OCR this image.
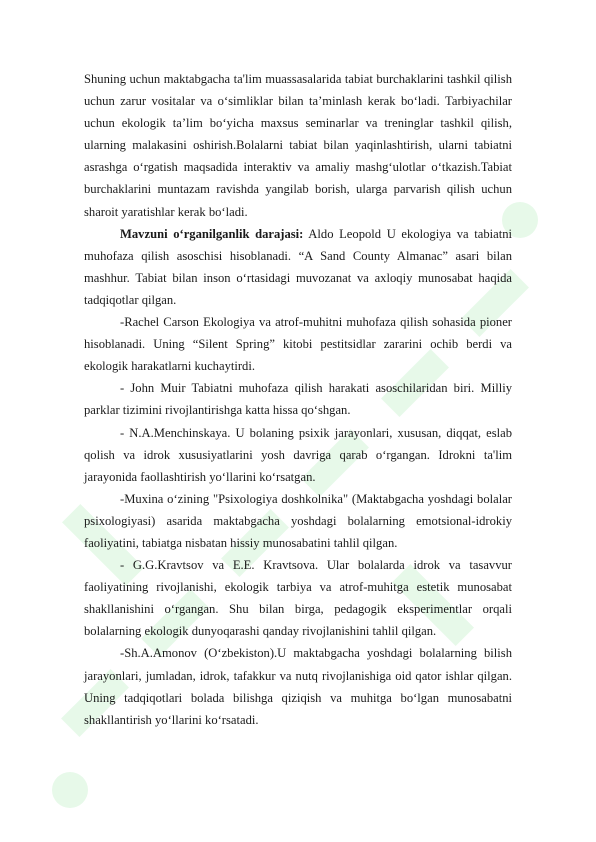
Shuning uchun maktabgacha ta'lim muassasalarida tabiat burchaklarini tashkil qilish uchun zarur vositalar va o‘simliklar bilan ta’minlash kerak bo‘ladi. Tarbiyachilar uchun ekologik ta’lim bo‘yicha maxsus seminarlar va treninglar tashkil qilish, ularning malakasini oshirish.Bolalarni tabiat bilan yaqinlashtirish, ularni tabiatni asrashga o‘rgatish maqsadida interaktiv va amaliy mashg‘ulotlar o‘tkazish.Tabiat burchaklarini muntazam ravishda yangilab borish, ularga parvarish qilish uchun sharoit yaratishlar kerak bo‘ladi.

Mavzuni o‘rganilganlik darajasi: Aldo Leopold U ekologiya va tabiatni muhofaza qilish asoschisi hisoblanadi. “A Sand County Almanac” asari bilan mashhur. Tabiat bilan inson o‘rtasidagi muvozanat va axloqiy munosabat haqida tadqiqotlar qilgan.

-Rachel Carson Ekologiya va atrof-muhitni muhofaza qilish sohasida pioner hisoblanadi. Uning “Silent Spring” kitobi pestitsidlar zararini ochib berdi va ekologik harakatlarni kuchaytirdi.

- John Muir Tabiatni muhofaza qilish harakati asoschilaridan biri. Milliy parklar tizimini rivojlantirishga katta hissa qo‘shgan.

- N.A.Menchinskaya. U bolaning psixik jarayonlari, xususan, diqqat, eslab qolish va idrok xususiyatlarini yosh davriga qarab o‘rgangan. Idrokni ta'lim jarayonida faollashtirish yo‘llarini ko‘rsatgan.

-Muxina o‘zining "Psixologiya doshkolnika" (Maktabgacha yoshdagi bolalar psixologiyasi) asarida maktabgacha yoshdagi bolalarning emotsional-idrokiy faoliyatini, tabiatga nisbatan hissiy munosabatini tahlil qilgan.

- G.G.Kravtsov va E.E. Kravtsova. Ular bolalarda idrok va tasavvur faoliyatining rivojlanishi, ekologik tarbiya va atrof-muhitga estetik munosabat shakllanishini o‘rgangan. Shu bilan birga, pedagogik eksperimentlar orqali bolalarning ekologik dunyoqarashi qanday rivojlanishini tahlil qilgan.

-Sh.A.Amonov (O‘zbekiston).U maktabgacha yoshdagi bolalarning bilish jarayonlari, jumladan, idrok, tafakkur va nutq rivojlanishiga oid qator ishlar qilgan. Uning tadqiqotlari bolada bilishga qiziqish va muhitga bo‘lgan munosabatni shakllantirish yo‘llarini ko‘rsatadi.
